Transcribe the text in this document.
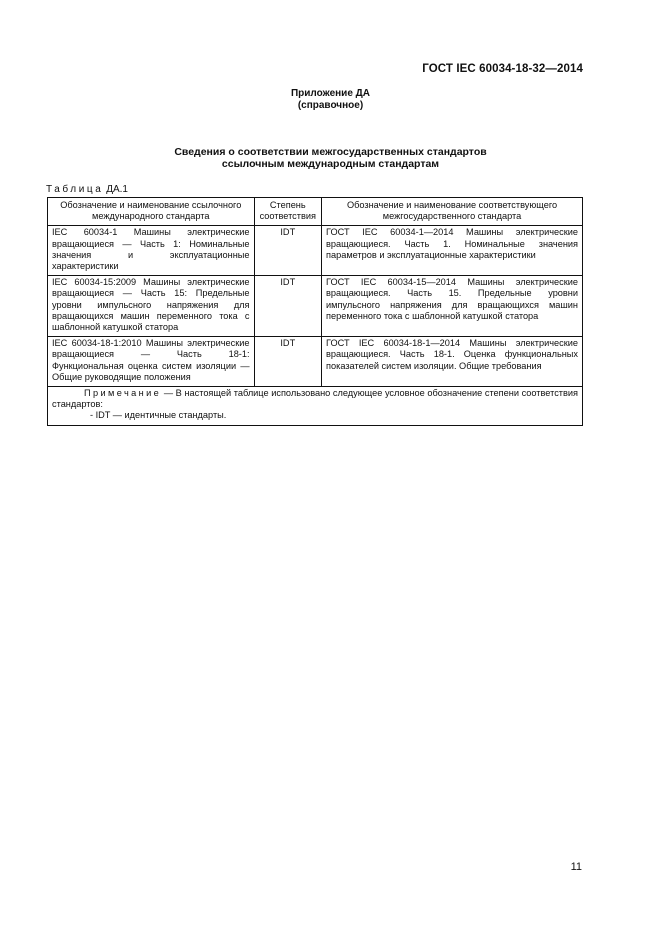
ГОСТ IEC 60034-18-32—2014
Приложение ДА
(справочное)
Сведения о соответствии межгосударственных стандартов
ссылочным международным стандартам
Таблица ДА.1
Обозначение и наименование ссылочного международного стандарта	Степень соответствия	Обозначение и наименование соответствующего межгосударственного стандарта
IEC 60034-1 Машины электрические вращающиеся — Часть 1: Номинальные значения и эксплуатационные характеристики	IDT	ГОСТ IEC 60034-1—2014 Машины электрические вращающиеся. Часть 1. Номинальные значения параметров и эксплуатационные характеристики
IEC 60034-15:2009 Машины электрические вращающиеся — Часть 15: Предельные уровни импульсного напряжения для вращающихся машин переменного тока с шаблонной катушкой статора	IDT	ГОСТ IEC 60034-15—2014 Машины электрические вращающиеся. Часть 15. Предельные уровни импульсного напряжения для вращающихся машин переменного тока с шаблонной катушкой статора
IEC 60034-18-1:2010 Машины электрические вращающиеся — Часть 18-1: Функциональная оценка систем изоляции — Общие руководящие положения	IDT	ГОСТ IEC 60034-18-1—2014 Машины электрические вращающиеся. Часть 18-1. Оценка функциональных показателей систем изоляции. Общие требования

Примечание — В настоящей таблице использовано следующее условное обозначение степени соответствия стандартов:
- IDT — идентичные стандарты.		
11
